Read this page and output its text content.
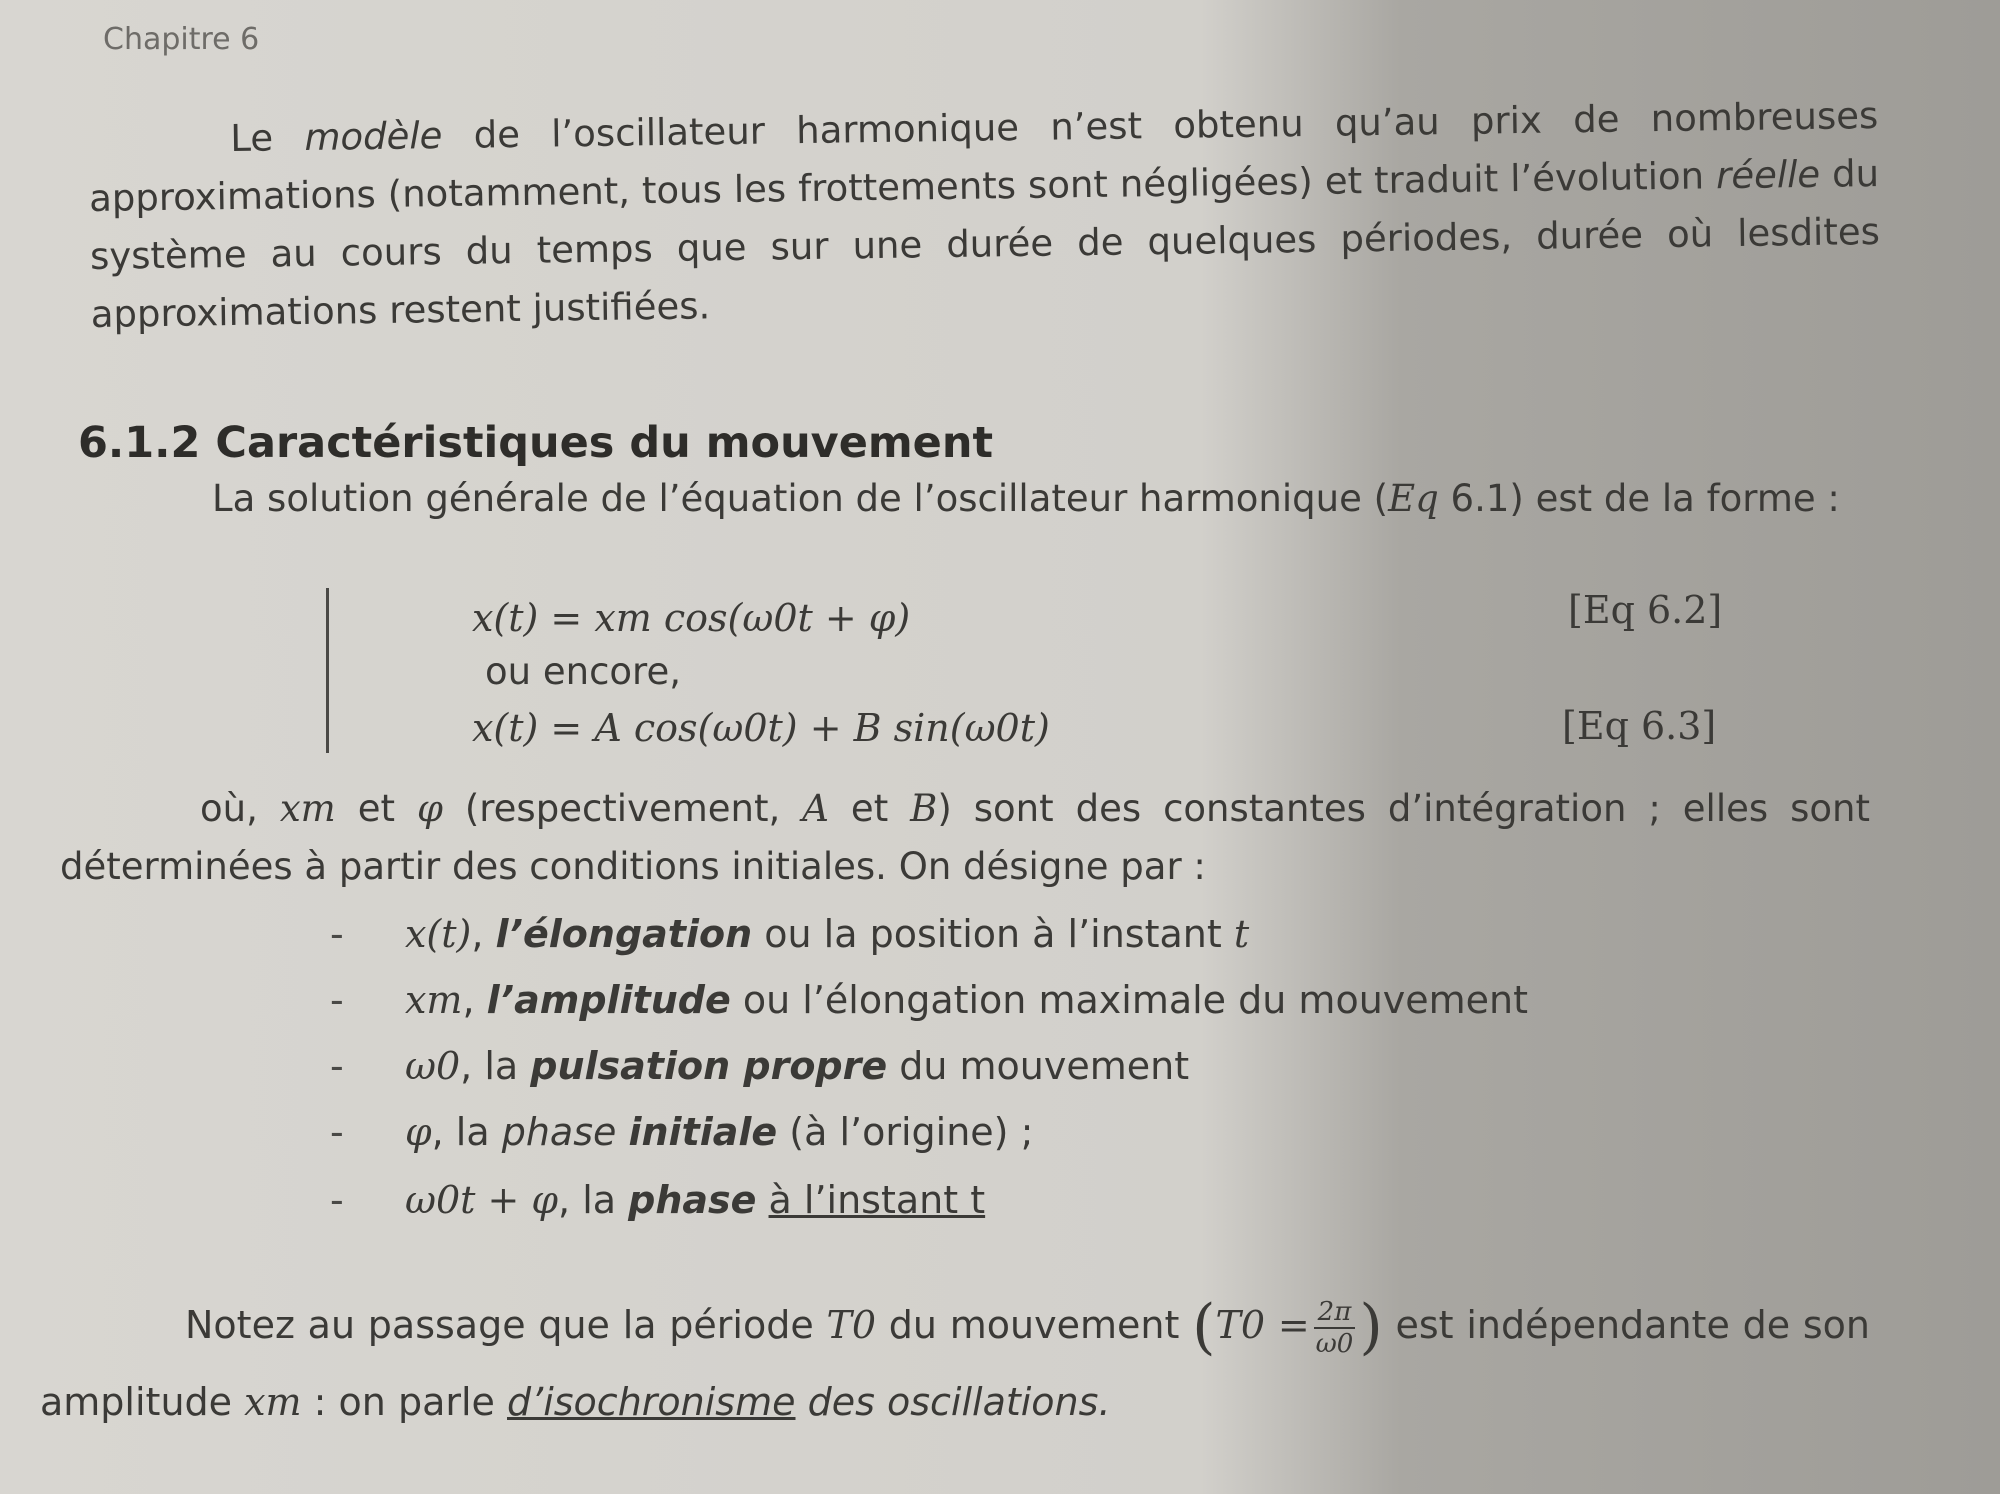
Chapitre 6
Le modèle de l’oscillateur harmonique n’est obtenu qu’au prix de nombreuses approximations (notamment, tous les frottements sont négligées) et traduit l’évolution réelle du système au cours du temps que sur une durée de quelques périodes, durée où lesdites approximations restent justifiées.
6.1.2 Caractéristiques du mouvement
La solution générale de l’équation de l’oscillateur harmonique (Eq 6.1) est de la forme :
x(t) = xm cos(ω0t + φ)	[Eq 6.2]
ou encore,
x(t) = A cos(ω0t) + B sin(ω0t)	[Eq 6.3]
où, xm et φ (respectivement, A et B) sont des constantes d’intégration ; elles sont déterminées à partir des conditions initiales. On désigne par :
- x(t), l’élongation ou la position à l’instant t
- xm, l’amplitude ou l’élongation maximale du mouvement
- ω0, la pulsation propre du mouvement
- φ, la phase initiale (à l’origine) ;
- ω0t + φ, la phase à l’instant t
Notez au passage que la période T0 du mouvement ($T0 = \frac{2\pi}{\omega 0}$ ) est indépendante de son amplitude xm : on parle d’isochronisme des oscillations.
